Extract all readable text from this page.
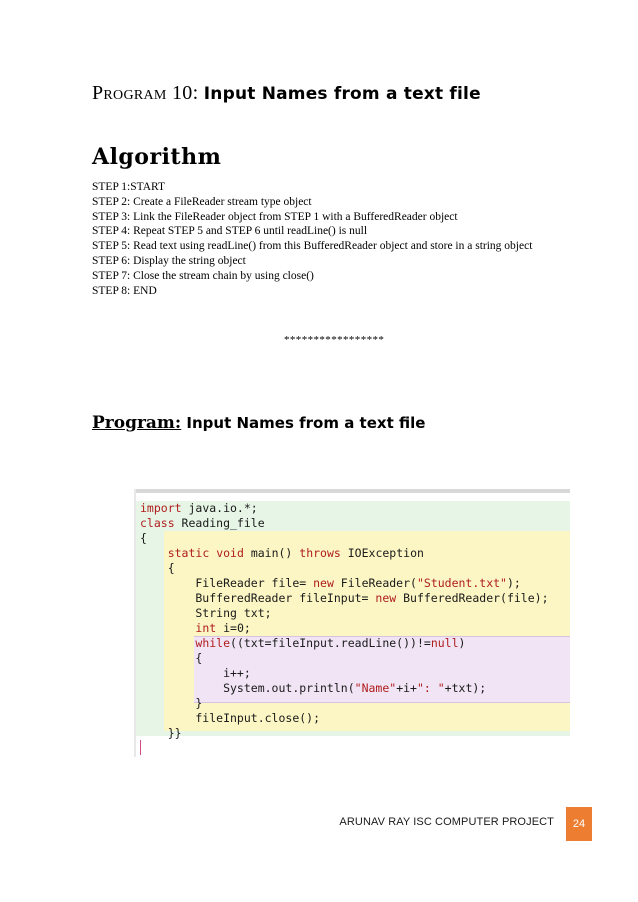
Program 10: Input Names from a text file
Algorithm
STEP 1:START
STEP 2: Create a FileReader stream type object
STEP 3: Link the FileReader object from STEP 1 with a BufferedReader object
STEP 4: Repeat STEP 5 and STEP 6 until readLine() is null
STEP 5: Read text using readLine() from this BufferedReader object and store in a string object
STEP 6: Display the string object
STEP 7: Close the stream chain by using close()
STEP 8: END
*****************
Program: Input Names from a text file
import java.io.*;
class Reading_file
{
static void main() throws IOException
{
FileReader file= new FileReader("Student.txt");
BufferedReader fileInput= new BufferedReader(file);
String txt;
int i=0;
while((txt=fileInput.readLine())!=null)
{
i++;
System.out.println("Name"+i+": "+txt);
}
fileInput.close();
}}
ARUNAV RAY ISC COMPUTER PROJECT 24
